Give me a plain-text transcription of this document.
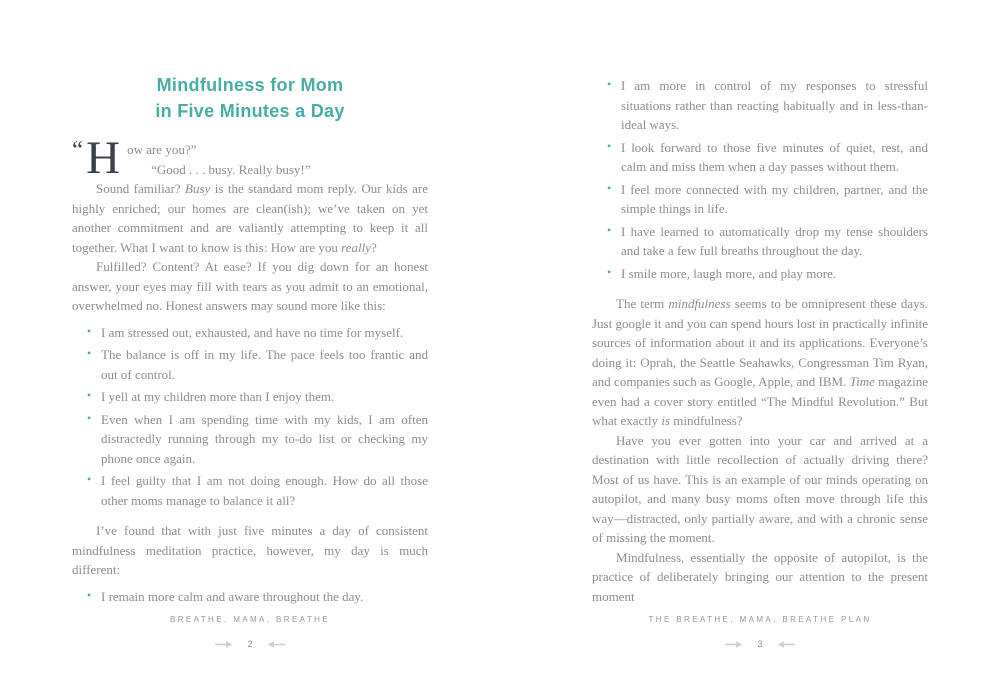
Mindfulness for Mom
in Five Minutes a Day

“ H ow are you?”
“Good . . . busy. Really busy!”

Sound familiar? Busy is the standard mom reply. Our kids are highly enriched; our homes are clean(ish); we’ve taken on yet another commitment and are valiantly attempting to keep it all together. What I want to know is this: How are you really?

Fulfilled? Content? At ease? If you dig down for an honest answer, your eyes may fill with tears as you admit to an emotional, overwhelmed no. Honest answers may sound more like this:

• I am stressed out, exhausted, and have no time for myself.
• The balance is off in my life. The pace feels too frantic and out of control.
• I yell at my children more than I enjoy them.
• Even when I am spending time with my kids, I am often distractedly running through my to-do list or checking my phone once again.
• I feel guilty that I am not doing enough. How do all those other moms manage to balance it all?

I’ve found that with just five minutes a day of consistent mindfulness meditation practice, however, my day is much different:

• I remain more calm and aware throughout the day.
BREATHE, MAMA, BREATHE
2
• I am more in control of my responses to stressful situations rather than reacting habitually and in less-than-ideal ways.
• I look forward to those five minutes of quiet, rest, and calm and miss them when a day passes without them.
• I feel more connected with my children, partner, and the simple things in life.
• I have learned to automatically drop my tense shoulders and take a few full breaths throughout the day.
• I smile more, laugh more, and play more.

The term mindfulness seems to be omnipresent these days. Just google it and you can spend hours lost in practically infinite sources of information about it and its applications. Everyone’s doing it: Oprah, the Seattle Seahawks, Congressman Tim Ryan, and companies such as Google, Apple, and IBM. Time magazine even had a cover story entitled “The Mindful Revolution.” But what exactly is mindfulness?

Have you ever gotten into your car and arrived at a destination with little recollection of actually driving there? Most of us have. This is an example of our minds operating on autopilot, and many busy moms often move through life this way—distracted, only partially aware, and with a chronic sense of missing the moment.

Mindfulness, essentially the opposite of autopilot, is the practice of deliberately bringing our attention to the present moment

THE BREATHE, MAMA, BREATHE PLAN
3
